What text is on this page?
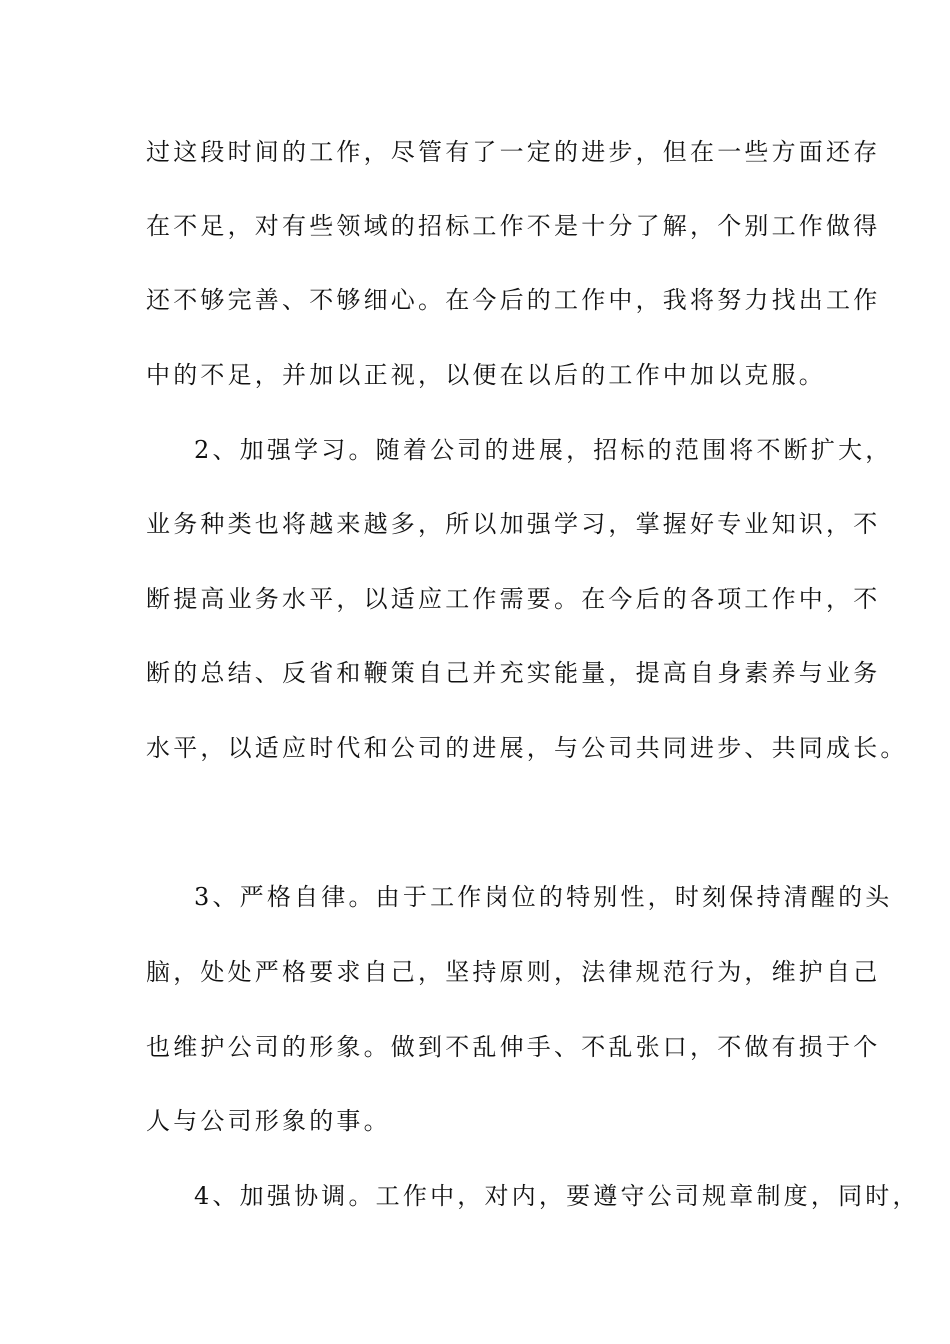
过这段时间的工作，尽管有了一定的进步，但在一些方面还存
在不足，对有些领域的招标工作不是十分了解，个别工作做得
还不够完善、不够细心。在今后的工作中，我将努力找出工作
中的不足，并加以正视，以便在以后的工作中加以克服。
2、加强学习。随着公司的进展，招标的范围将不断扩大，
业务种类也将越来越多，所以加强学习，掌握好专业知识，不
断提高业务水平，以适应工作需要。在今后的各项工作中，不
断的总结、反省和鞭策自己并充实能量，提高自身素养与业务
水平，以适应时代和公司的进展，与公司共同进步、共同成长。
3、严格自律。由于工作岗位的特别性，时刻保持清醒的头
脑，处处严格要求自己，坚持原则，法律规范行为，维护自己
也维护公司的形象。做到不乱伸手、不乱张口，不做有损于个
人与公司形象的事。
4、加强协调。工作中，对内，要遵守公司规章制度，同时，
